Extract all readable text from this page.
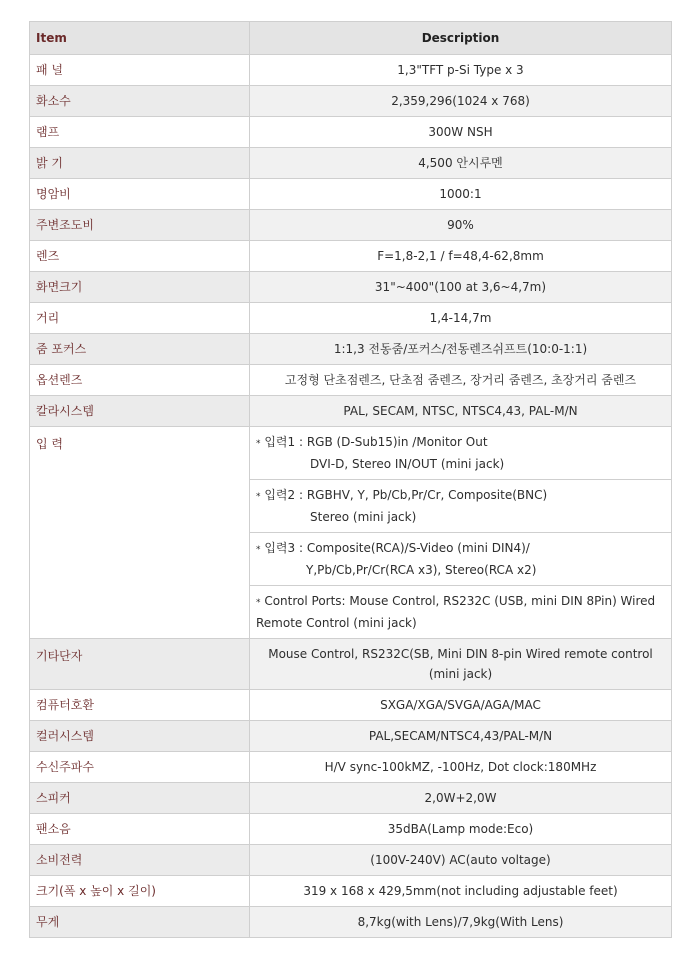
Item	Description
패 널	1,3"TFT p-Si Type x 3
화소수	2,359,296(1024 x 768)
램프	300W NSH
밝 기	4,500 안시루멘
명암비	1000:1
주변조도비	90%
렌즈	F=1,8-2,1 / f=48,4-62,8mm
화면크기	31"~400"(100 at 3,6~4,7m)
거리	1,4-14,7m
줌 포커스	1:1,3 전동줌/포커스/전동렌즈쉬프트(10:0-1:1)
옵션렌즈	고정형 단초점렌즈, 단초점 줌렌즈, 장거리 줌렌즈, 초장거리 줌렌즈
칼라시스템	PAL, SECAM, NTSC, NTSC4,43, PAL-M/N
입 력	* 입력1 : RGB (D-Sub15)in /Monitor Out
DVI-D, Stereo IN/OUT (mini jack)

	* 입력2 : RGBHV, Y, Pb/Cb,Pr/Cr, Composite(BNC)
Stereo (mini jack)

	* 입력3 : Composite(RCA)/S-Video (mini DIN4)/
Y,Pb/Cb,Pr/Cr(RCA x3), Stereo(RCA x2)

	* Control Ports: Mouse Control, RS232C (USB, mini DIN 8Pin) Wired Remote Control (mini jack)
기타단자	Mouse Control, RS232C(SB, Mini DIN 8-pin Wired remote control (mini jack)
컴퓨터호환	SXGA/XGA/SVGA/AGA/MAC
컬러시스템	PAL,SECAM/NTSC4,43/PAL-M/N
수신주파수	H/V sync-100kMZ, -100Hz, Dot clock:180MHz
스피커	2,0W+2,0W
팬소음	35dBA(Lamp mode:Eco)
소비전력	(100V-240V) AC(auto voltage)
크기(폭 x 높이 x 길이)	319 x 168 x 429,5mm(not including adjustable feet)
무게	8,7kg(with Lens)/7,9kg(With Lens)
